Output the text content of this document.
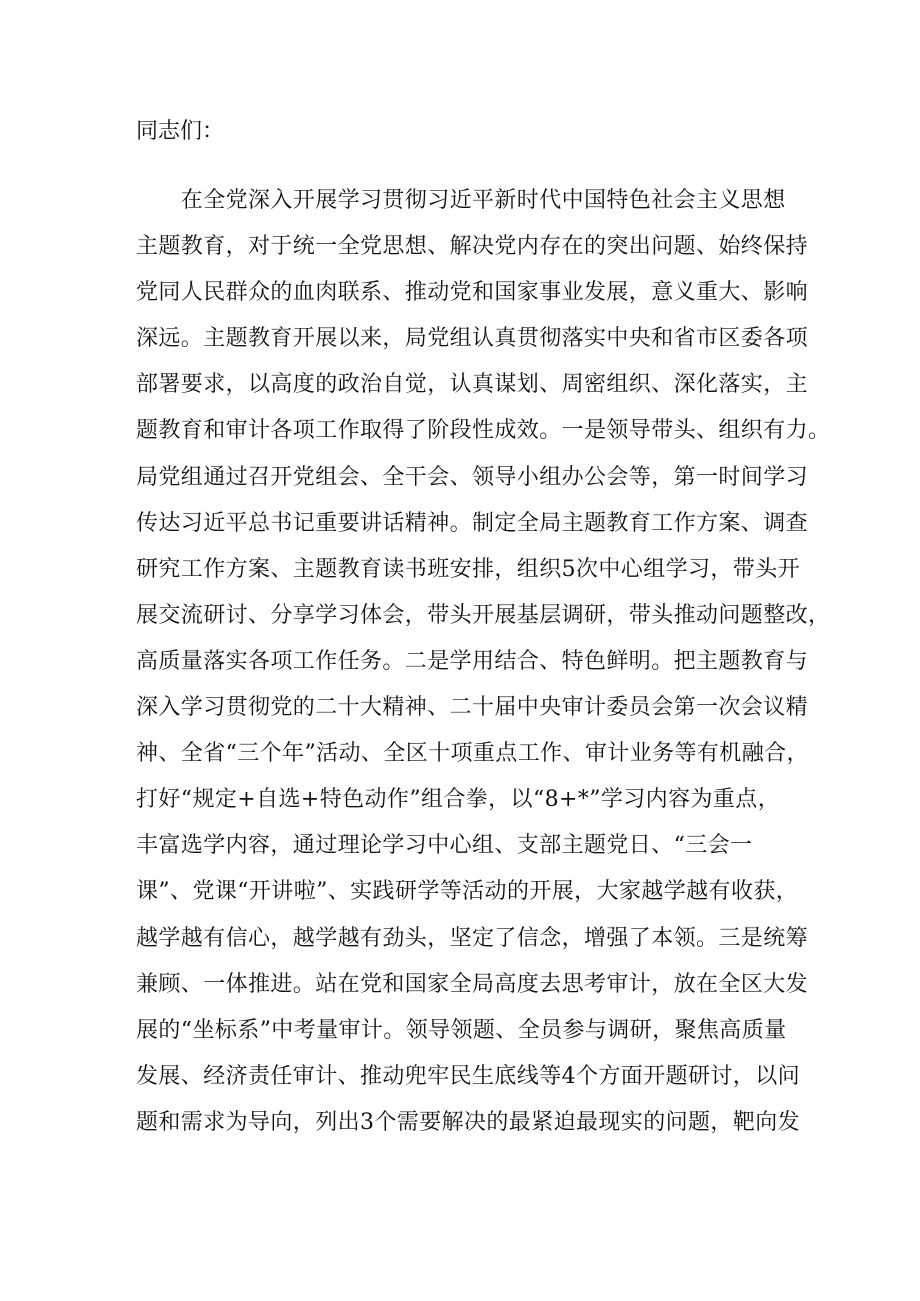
同志们：
　　在全党深入开展学习贯彻习近平新时代中国特色社会主义思想
主题教育，对于统一全党思想、解决党内存在的突出问题、始终保持
党同人民群众的血肉联系、推动党和国家事业发展，意义重大、影响
深远。主题教育开展以来，局党组认真贯彻落实中央和省市区委各项
部署要求，以高度的政治自觉，认真谋划、周密组织、深化落实，主
题教育和审计各项工作取得了阶段性成效。一是领导带头、组织有力。
局党组通过召开党组会、全干会、领导小组办公会等，第一时间学习
传达习近平总书记重要讲话精神。制定全局主题教育工作方案、调查
研究工作方案、主题教育读书班安排，组织5次中心组学习，带头开
展交流研讨、分享学习体会，带头开展基层调研，带头推动问题整改，
高质量落实各项工作任务。二是学用结合、特色鲜明。把主题教育与
深入学习贯彻党的二十大精神、二十届中央审计委员会第一次会议精
神、全省“三个年”活动、全区十项重点工作、审计业务等有机融合，
打好“规定+自选+特色动作”组合拳，以“8+*”学习内容为重点，
丰富选学内容，通过理论学习中心组、支部主题党日、“三会一
课”、党课“开讲啦”、实践研学等活动的开展，大家越学越有收获，
越学越有信心，越学越有劲头，坚定了信念，增强了本领。三是统筹
兼顾、一体推进。站在党和国家全局高度去思考审计，放在全区大发
展的“坐标系”中考量审计。领导领题、全员参与调研，聚焦高质量
发展、经济责任审计、推动兜牢民生底线等4个方面开题研讨，以问
题和需求为导向，列出3个需要解决的最紧迫最现实的问题，靶向发
